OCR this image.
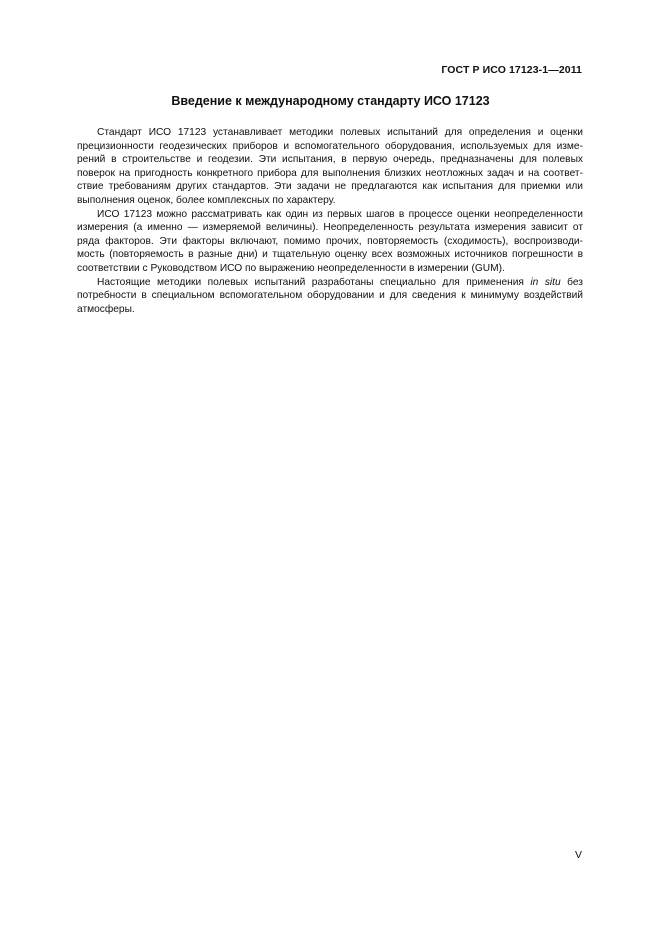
ГОСТ Р ИСО 17123-1—2011
Введение к международному стандарту ИСО 17123
Стандарт ИСО 17123 устанавливает методики полевых испытаний для определения и оценки
прецизионности геодезических приборов и вспомогательного оборудования, используемых для изме-
рений в строительстве и геодезии. Эти испытания, в первую очередь, предназначены для полевых
поверок на пригодность конкретного прибора для выполнения близких неотложных задач и на соответ-
ствие требованиям других стандартов. Эти задачи не предлагаются как испытания для приемки или
выполнения оценок, более комплексных по характеру.
ИСО 17123 можно рассматривать как один из первых шагов в процессе оценки неопределенности
измерения (а именно — измеряемой величины). Неопределенность результата измерения зависит от
ряда факторов. Эти факторы включают, помимо прочих, повторяемость (сходимость), воспроизводи-
мость (повторяемость в разные дни) и тщательную оценку всех возможных источников погрешности в
соответствии с Руководством ИСО по выражению неопределенности в измерении (GUM).
Настоящие методики полевых испытаний разработаны специально для применения in situ без
потребности в специальном вспомогательном оборудовании и для сведения к минимуму воздействий
атмосферы.
V
